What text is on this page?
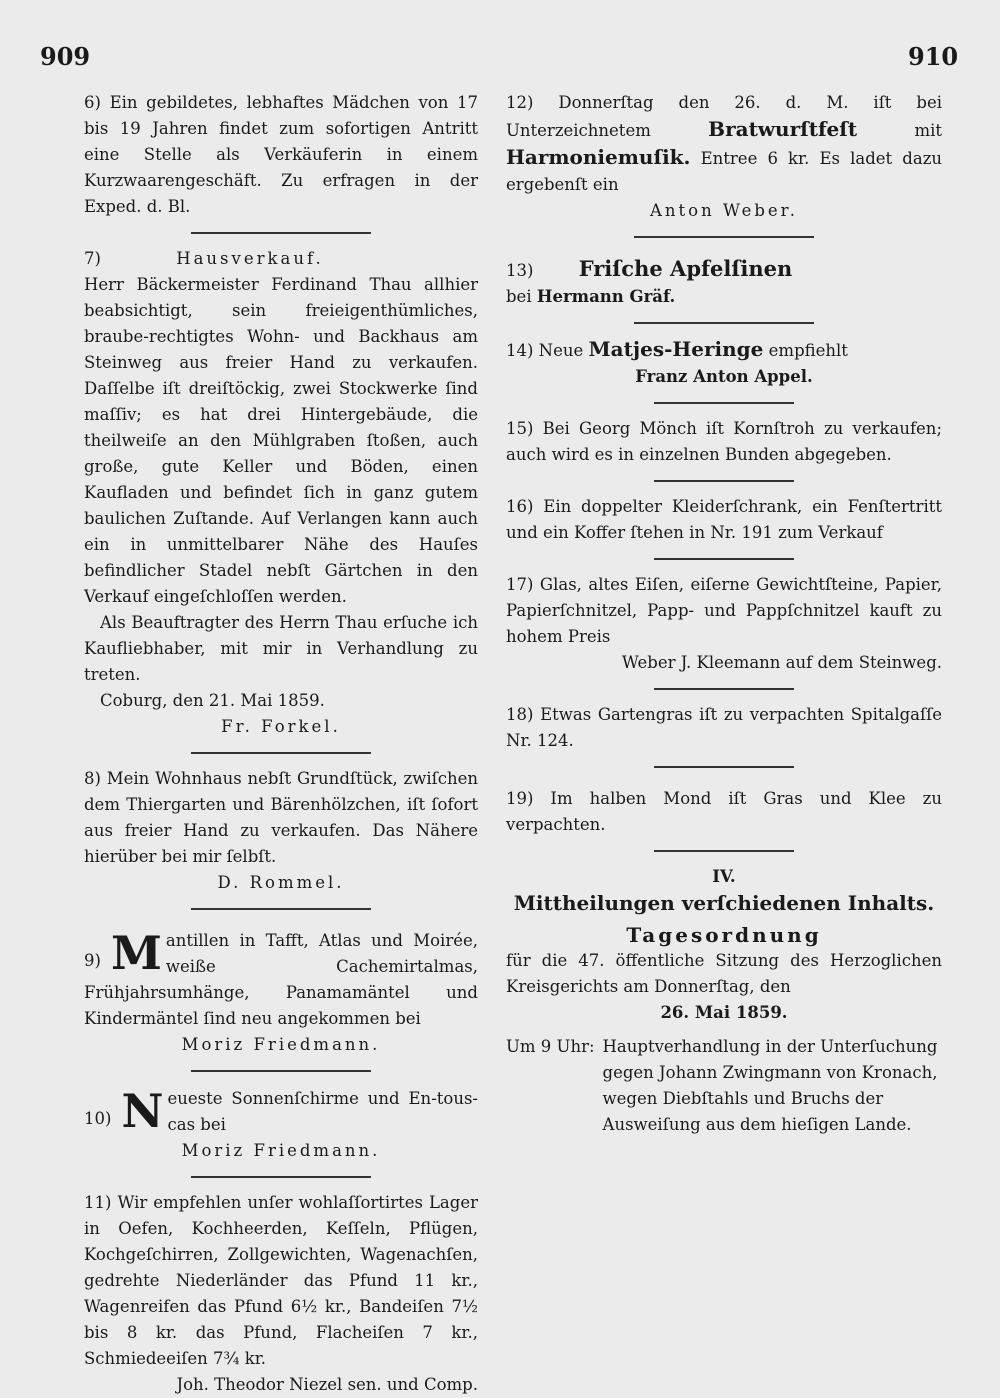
909	910

6) Ein gebildetes, lebhaftes Mädchen von 17 bis 19 Jahren findet zum sofortigen Antritt eine Stelle als Verkäuferin in einem Kurzwaarengeschäft. Zu erfragen in der Exped. d. Bl.

7)	Hausverkauf.

Herr Bäckermeister Ferdinand Thau allhier beabsichtigt, sein freieigenthümliches, braube-rechtigtes Wohn- und Backhaus am Steinweg aus freier Hand zu verkaufen. Daſſelbe iſt dreiſtöckig, zwei Stockwerke ſind maſſiv; es hat drei Hintergebäude, die theilweiſe an den Mühlgraben ſtoßen, auch große, gute Keller und Böden, einen Kaufladen und befindet ſich in ganz gutem baulichen Zuſtande. Auf Verlangen kann auch ein in unmittelbarer Nähe des Hauſes befindlicher Stadel nebſt Gärtchen in den Verkauf eingeſchloſſen werden.

Als Beauftragter des Herrn Thau erſuche ich Kaufliebhaber, mit mir in Verhandlung zu treten.

Coburg, den 21. Mai 1859.

Fr. Forkel.

8) Mein Wohnhaus nebſt Grundſtück, zwiſchen dem Thiergarten und Bärenhölzchen, iſt ſofort aus freier Hand zu verkaufen. Das Nähere hierüber bei mir ſelbſt.

D. Rommel.

9) M antillen in Tafft, Atlas und Moirée, weiße Cachemirtalmas, Frühjahrsumhänge, Panamamäntel und Kindermäntel ſind neu angekommen bei

Moriz Friedmann.

10) N euestе Sonnenſchirme und En-tous-cas bei

Moriz Friedmann.

11) Wir empfehlen unſer wohlaſſortirtes Lager in Oefen, Kochheerden, Keſſeln, Pflügen, Kochgeſchirren, Zollgewichten, Wagenachſen, gedrehte Niederländer das Pfund 11 kr., Wagenreifen das Pfund 6½ kr., Bandeiſen 7½ bis 8 kr. das Pfund, Flacheiſen 7 kr., Schmiedeeiſen 7¾ kr.

Joh. Theodor Niezel sen. und Comp.

12) Donnerſtag den 26. d. M. iſt bei Unterzeichnetem	Bratwurſtfeſt	mit Harmoniemuſik. Entree 6 kr. Es ladet dazu ergebenſt ein

Anton Weber.

13) Friſche Apfelſinen

bei Hermann Gräf.

14) Neue Matjes-Heringe empfiehlt

Franz Anton Appel.

15) Bei Georg Mönch iſt Kornſtroh zu verkaufen; auch wird es in einzelnen Bunden abgegeben.

16) Ein doppelter Kleiderſchrank, ein Fenſtertritt und ein Koffer ſtehen in Nr. 191 zum Verkauf

17) Glas, altes Eiſen, eiſerne Gewichtſteine, Papier, Papierſchnitzel, Papp- und Pappſchnitzel kauft zu hohem Preis

Weber J. Kleemann auf dem Steinweg.

18) Etwas Gartengras iſt zu verpachten Spitalgaſſe Nr. 124.

19) Im halben Mond iſt Gras und Klee zu verpachten.

IV.

Mittheilungen verſchiedenen Inhalts.

Tagesordnung

für die 47. öffentliche Sitzung des Herzoglichen Kreisgerichts am Donnerſtag, den

26. Mai 1859.

Um 9 Uhr: Hauptverhandlung in der Unterſuchung gegen Johann Zwingmann von Kronach, wegen Diebſtahls und Bruchs der Ausweiſung aus dem hieſigen Lande.
